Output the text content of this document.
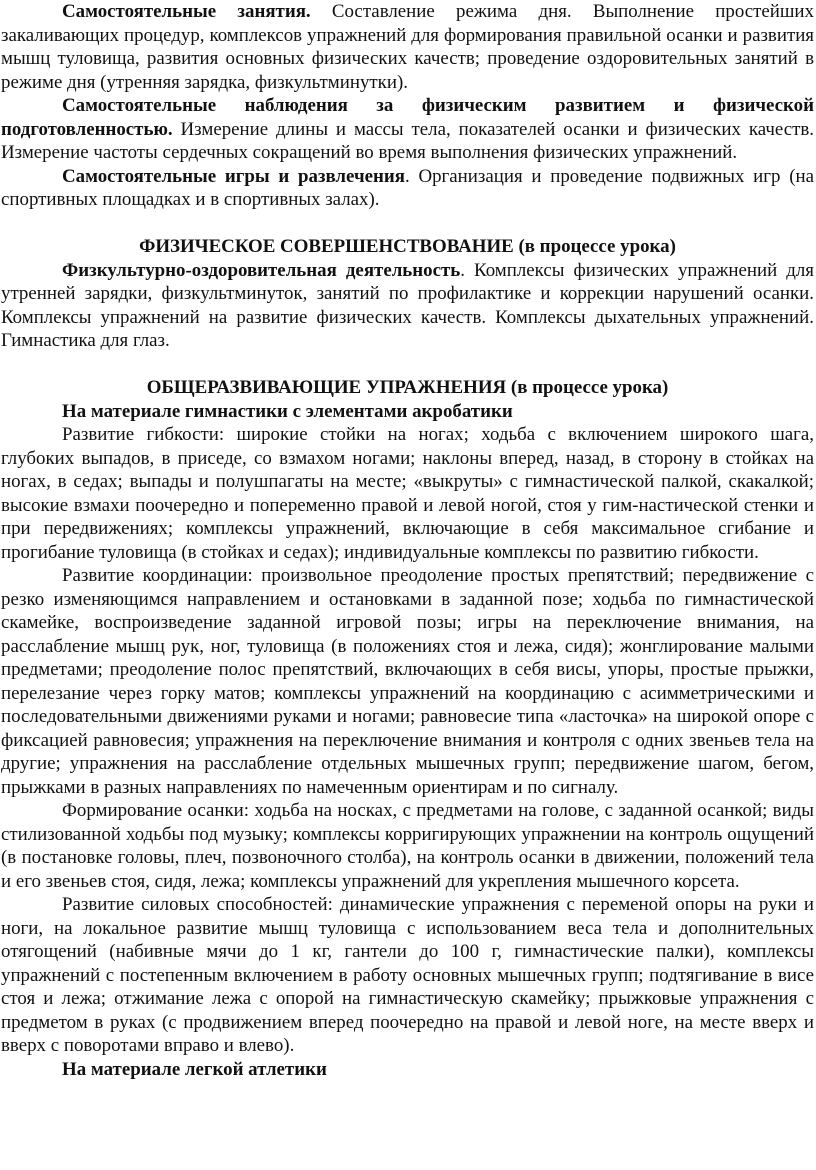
Самостоятельные занятия. Составление режима дня. Выполнение простейших закаливающих процедур, комплексов упражнений для формирования правильной осанки и развития мышц туловища, развития основных физических качеств; проведение оздоровительных занятий в режиме дня (утренняя зарядка, физкультминутки).

Самостоятельные наблюдения за физическим развитием и физической подготовленностью. Измерение длины и массы тела, показателей осанки и физических качеств. Измерение частоты сердечных сокращений во время выполнения физических упражнений.

Самостоятельные игры и развлечения. Организация и проведение подвижных игр (на спортивных площадках и в спортивных залах).

ФИЗИЧЕСКОЕ СОВЕРШЕНСТВОВАНИЕ (в процессе урока)

Физкультурно-оздоровительная деятельность. Комплексы физических упражнений для утренней зарядки, физкультминуток, занятий по профилактике и коррекции нарушений осанки. Комплексы упражнений на развитие физических качеств. Комплексы дыхательных упражнений. Гимнастика для глаз.

ОБЩЕРАЗВИВАЮЩИЕ УПРАЖНЕНИЯ (в процессе урока)
На материале гимнастики с элементами акробатики

Развитие гибкости: широкие стойки на ногах; ходьба с включением широкого шага, глубоких выпадов, в приседе, со взмахом ногами; наклоны вперед, назад, в сторону в стойках на ногах, в седах; выпады и полушпагаты на месте; «выкруты» с гимнастической палкой, скакалкой; высокие взмахи поочередно и попеременно правой и левой ногой, стоя у гим-настической стенки и при передвижениях; комплексы упражнений, включающие в себя максимальное сгибание и прогибание туловища (в стойках и седах); индивидуальные комплексы по развитию гибкости.

Развитие координации: произвольное преодоление простых препятствий; передвижение с резко изменяющимся направлением и остановками в заданной позе; ходьба по гимнастической скамейке, воспроизведение заданной игровой позы; игры на переключение внимания, на расслабление мышц рук, ног, туловища (в положениях стоя и лежа, сидя); жонглирование малыми предметами; преодоление полос препятствий, включающих в себя висы, упоры, простые прыжки, перелезание через горку матов; комплексы упражнений на координацию с асимметрическими и последовательными движениями руками и ногами; равновесие типа «ласточка» на широкой опоре с фиксацией равновесия; упражнения на переключение внимания и контроля с одних звеньев тела на другие; упражнения на расслабление отдельных мышечных групп; передвижение шагом, бегом, прыжками в разных направлениях по намеченным ориентирам и по сигналу.

Формирование осанки: ходьба на носках, с предметами на голове, с заданной осанкой; виды стилизованной ходьбы под музыку; комплексы корригирующих упражнении на контроль ощущений (в постановке головы, плеч, позвоночного столба), на контроль осанки в движении, положений тела и его звеньев стоя, сидя, лежа; комплексы упражнений для укрепления мышечного корсета.

Развитие силовых способностей: динамические упражнения с переменой опоры на руки и ноги, на локальное развитие мышц туловища с использованием веса тела и дополнительных отягощений (набивные мячи до 1 кг, гантели до 100 г, гимнастические палки), комплексы упражнений с постепенным включением в работу основных мышечных групп; подтягивание в висе стоя и лежа; отжимание лежа с опорой на гимнастическую скамейку; прыжковые упражнения с предметом в руках (с продвижением вперед поочередно на правой и левой ноге, на месте вверх и вверх с поворотами вправо и влево).

На материале легкой атлетики
